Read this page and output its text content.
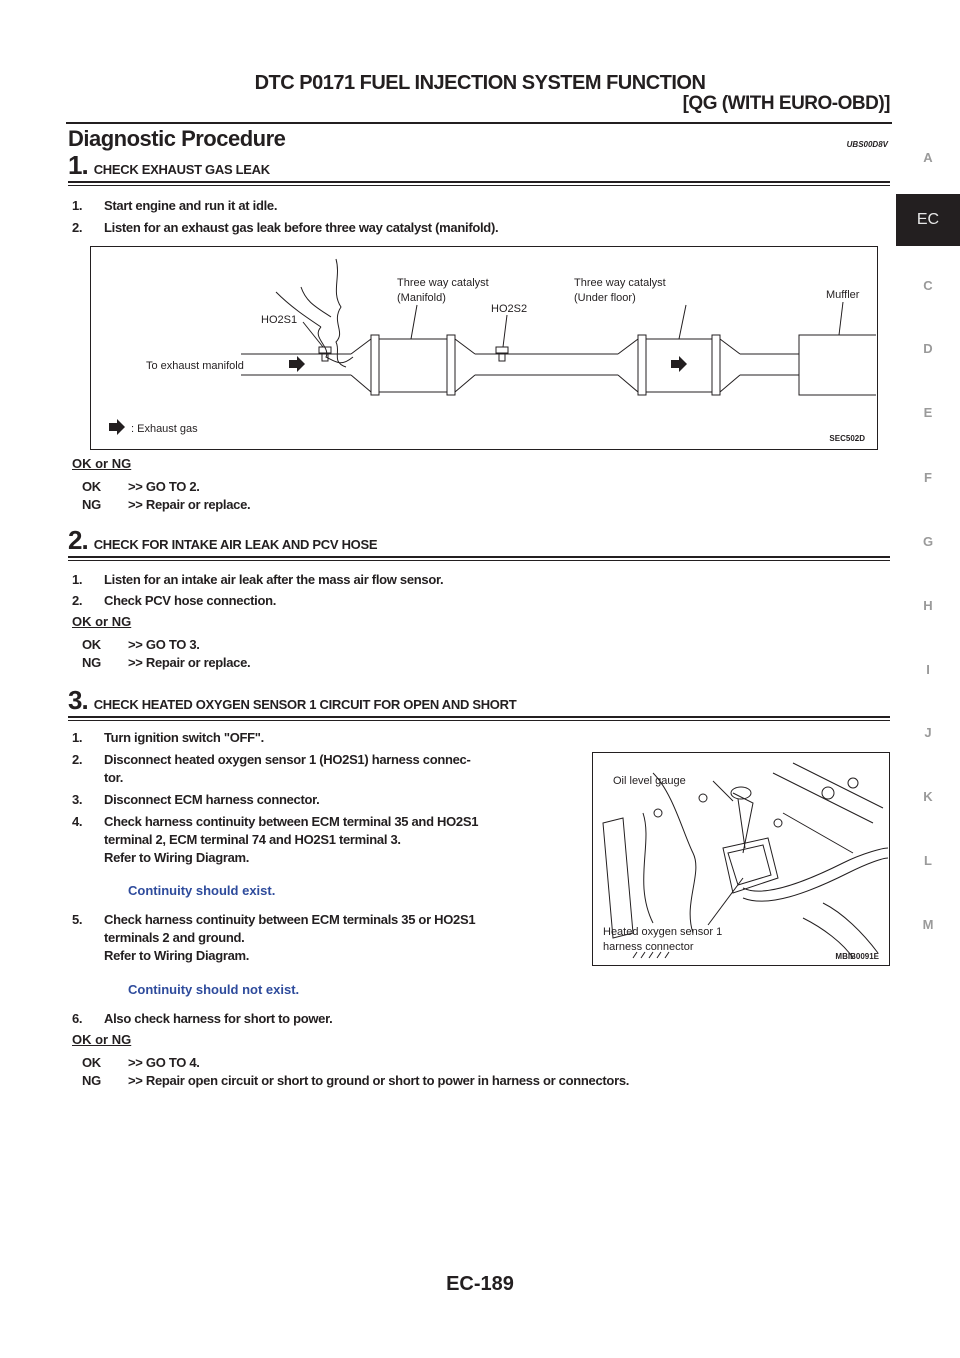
DTC P0171 FUEL INJECTION SYSTEM FUNCTION
[QG (WITH EURO-OBD)]
Diagnostic Procedure	UBS00D8V
1. CHECK EXHAUST GAS LEAK
1. Start engine and run it at idle.
2. Listen for an exhaust gas leak before three way catalyst (manifold).
Three way catalyst
(Manifold)
HO2S2
Three way catalyst
(Under floor)	Muffler
HO2S1
To exhaust manifold
: Exhaust gas
SEC502D
OK or NG
OK >> GO TO 2.
NG >> Repair or replace.
2. CHECK FOR INTAKE AIR LEAK AND PCV HOSE
1. Listen for an intake air leak after the mass air flow sensor.
2. Check PCV hose connection.
OK or NG
OK >> GO TO 3.
NG >> Repair or replace.
3. CHECK HEATED OXYGEN SENSOR 1 CIRCUIT FOR OPEN AND SHORT
1. Turn ignition switch "OFF".
2. Disconnect heated oxygen sensor 1 (HO2S1) harness connec-
tor.
3. Disconnect ECM harness connector.
4. Check harness continuity between ECM terminal 35 and HO2S1
terminal 2, ECM terminal 74 and HO2S1 terminal 3.
Refer to Wiring Diagram.
Continuity should exist.
5. Check harness continuity between ECM terminals 35 or HO2S1
terminals 2 and ground.
Refer to Wiring Diagram.
Continuity should not exist.
6. Also check harness for short to power.
Oil level gauge
Heated oxygen sensor 1
harness connector
MBIB0091E
OK or NG
OK >> GO TO 4.
NG >> Repair open circuit or short to ground or short to power in harness or connectors.
A
EC
C
D
E
F
G
H
I
J
K
L
M
EC-189
